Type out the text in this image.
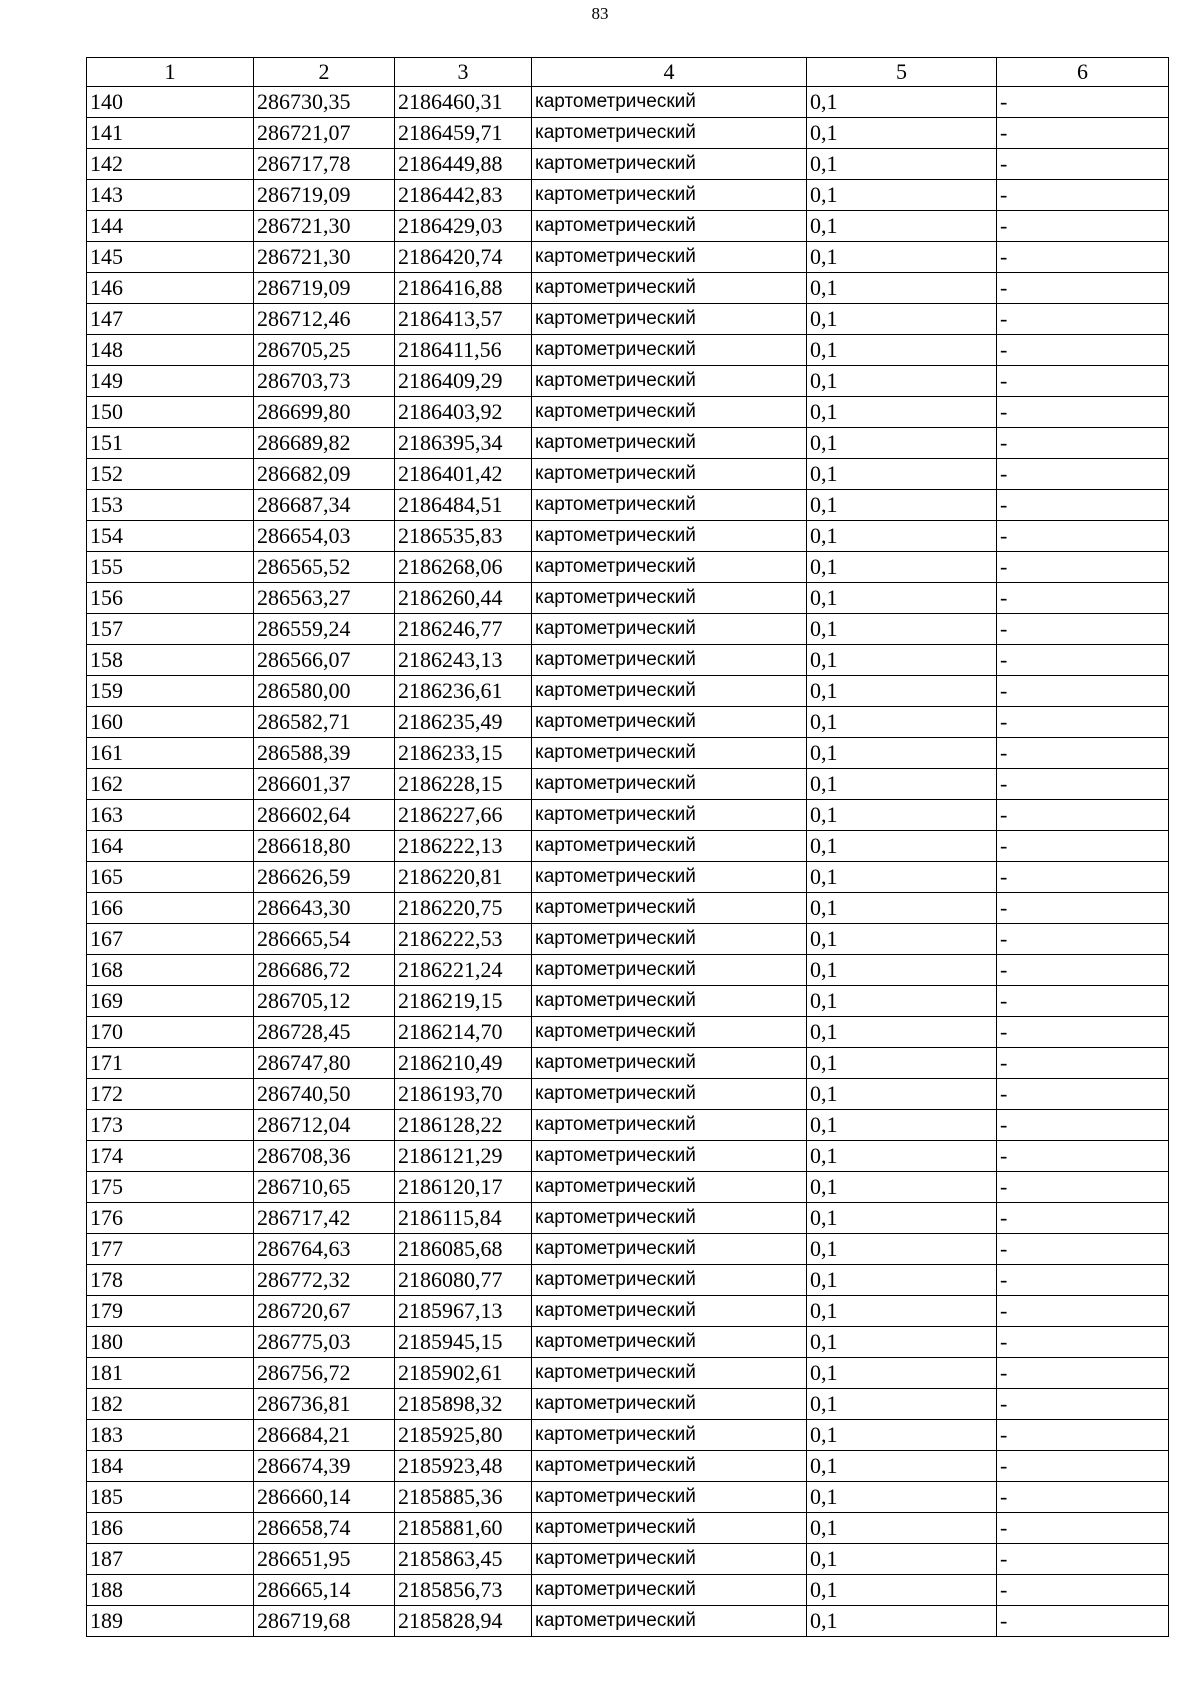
83
1	2	3	4	5	6
140	286730,35	2186460,31	картометрический	0,1	-
141	286721,07	2186459,71	картометрический	0,1	-
142	286717,78	2186449,88	картометрический	0,1	-
143	286719,09	2186442,83	картометрический	0,1	-
144	286721,30	2186429,03	картометрический	0,1	-
145	286721,30	2186420,74	картометрический	0,1	-
146	286719,09	2186416,88	картометрический	0,1	-
147	286712,46	2186413,57	картометрический	0,1	-
148	286705,25	2186411,56	картометрический	0,1	-
149	286703,73	2186409,29	картометрический	0,1	-
150	286699,80	2186403,92	картометрический	0,1	-
151	286689,82	2186395,34	картометрический	0,1	-
152	286682,09	2186401,42	картометрический	0,1	-
153	286687,34	2186484,51	картометрический	0,1	-
154	286654,03	2186535,83	картометрический	0,1	-
155	286565,52	2186268,06	картометрический	0,1	-
156	286563,27	2186260,44	картометрический	0,1	-
157	286559,24	2186246,77	картометрический	0,1	-
158	286566,07	2186243,13	картометрический	0,1	-
159	286580,00	2186236,61	картометрический	0,1	-
160	286582,71	2186235,49	картометрический	0,1	-
161	286588,39	2186233,15	картометрический	0,1	-
162	286601,37	2186228,15	картометрический	0,1	-
163	286602,64	2186227,66	картометрический	0,1	-
164	286618,80	2186222,13	картометрический	0,1	-
165	286626,59	2186220,81	картометрический	0,1	-
166	286643,30	2186220,75	картометрический	0,1	-
167	286665,54	2186222,53	картометрический	0,1	-
168	286686,72	2186221,24	картометрический	0,1	-
169	286705,12	2186219,15	картометрический	0,1	-
170	286728,45	2186214,70	картометрический	0,1	-
171	286747,80	2186210,49	картометрический	0,1	-
172	286740,50	2186193,70	картометрический	0,1	-
173	286712,04	2186128,22	картометрический	0,1	-
174	286708,36	2186121,29	картометрический	0,1	-
175	286710,65	2186120,17	картометрический	0,1	-
176	286717,42	2186115,84	картометрический	0,1	-
177	286764,63	2186085,68	картометрический	0,1	-
178	286772,32	2186080,77	картометрический	0,1	-
179	286720,67	2185967,13	картометрический	0,1	-
180	286775,03	2185945,15	картометрический	0,1	-
181	286756,72	2185902,61	картометрический	0,1	-
182	286736,81	2185898,32	картометрический	0,1	-
183	286684,21	2185925,80	картометрический	0,1	-
184	286674,39	2185923,48	картометрический	0,1	-
185	286660,14	2185885,36	картометрический	0,1	-
186	286658,74	2185881,60	картометрический	0,1	-
187	286651,95	2185863,45	картометрический	0,1	-
188	286665,14	2185856,73	картометрический	0,1	-
189	286719,68	2185828,94	картометрический	0,1	-
